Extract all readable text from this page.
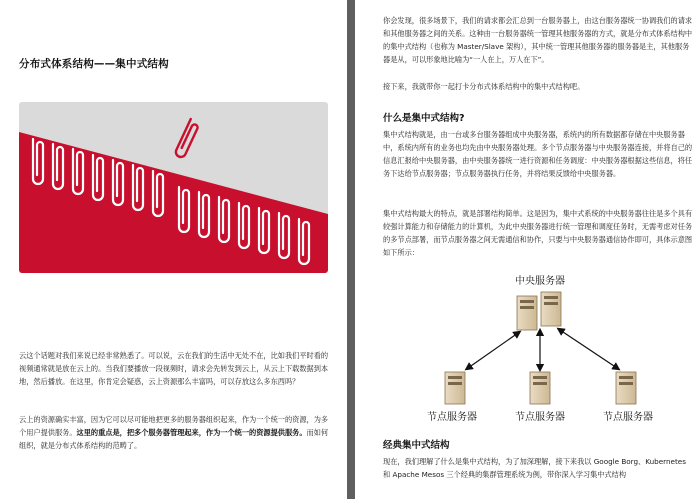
分布式体系结构——集中式结构
云这个话题对我们来说已经非常熟悉了。可以说，云在我们的生活中无处不在，比如我们平时看的视频通常就是放在云上的。当我们要播放一段视频时，请求会先转发到云上，从云上下载数据到本地，然后播放。在这里，你肯定会疑惑，云上资源那么丰富吗，可以存放这么多东西吗？
云上的资源确实丰富，因为它可以尽可能地把更多的服务器组织起来，作为一个统一的资源，为多个用户提供服务。这里的重点是，把多个服务器管理起来，作为一个统一的资源提供服务。而如何组织，就是分布式体系结构的范畴了。
你会发现，很多场景下，我们的请求都会汇总到一台服务器上，由这台服务器统一协调我们的请求和其他服务器之间的关系。这种由一台服务器统一管理其他服务器的方式，就是分布式体系结构中的集中式结构（也称为 Master/Slave 架构），其中统一管理其他服务器的服务器是主，其他服务器是从，可以形象地比喻为“一人在上，万人在下”。
接下来，我就带你一起打卡分布式体系结构中的集中式结构吧。
什么是集中式结构?
集中式结构就是，由一台或多台服务器组成中央服务器，系统内的所有数据都存储在中央服务器中，系统内所有的业务也均先由中央服务器处理。多个节点服务器与中央服务器连接，并将自己的信息汇报给中央服务器，由中央服务器统一进行资源和任务调度：中央服务器根据这些信息，将任务下达给节点服务器；节点服务器执行任务，并将结果反馈给中央服务器。
集中式结构最大的特点，就是部署结构简单。这是因为，集中式系统的中央服务器往往是多个具有较强计算能力和存储能力的计算机，为此中央服务器进行统一管理和调度任务时，无需考虑对任务的多节点部署，而节点服务器之间无需通信和协作，只要与中央服务器通信协作即可，具体示意图如下所示：
经典集中式结构
现在，我们理解了什么是集中式结构，为了加深理解，接下来我以 Google Borg、Kubernetes 和 Apache Mesos 三个经典的集群管理系统为例，带你深入学习集中式结构
中央服务器
节点服务器	节点服务器	节点服务器
